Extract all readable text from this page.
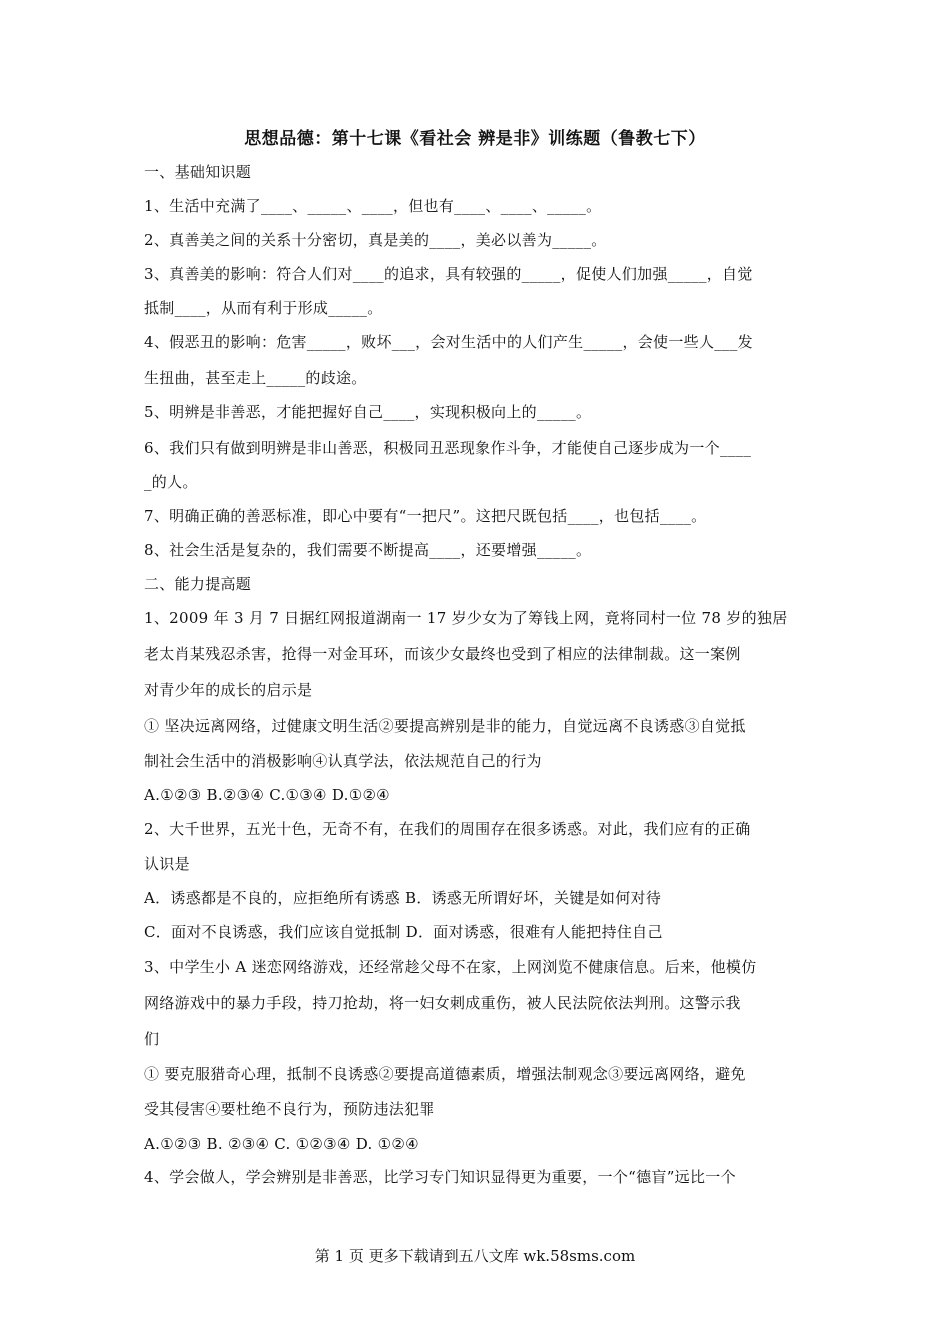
思想品德：第十七课《看社会 辨是非》训练题（鲁教七下）
一、基础知识题
1、生活中充满了____、_____、____，但也有____、____、_____。
2、真善美之间的关系十分密切，真是美的____，美必以善为_____。
3、真善美的影响：符合人们对____的追求，具有较强的_____，促使人们加强_____，自觉
抵制____，从而有利于形成_____。
4、假恶丑的影响：危害_____，败坏___，会对生活中的人们产生_____，会使一些人___发
生扭曲，甚至走上_____的歧途。
5、明辨是非善恶，才能把握好自己____，实现积极向上的_____。
6、我们只有做到明辨是非山善恶，积极同丑恶现象作斗争，才能使自己逐步成为一个____
_的人。
7、明确正确的善恶标准，即心中要有“一把尺”。这把尺既包括____，也包括____。
8、社会生活是复杂的，我们需要不断提高____，还要增强_____。
二、能力提高题
1、2009 年 3 月 7 日据红网报道湖南一 17 岁少女为了筹钱上网，竟将同村一位 78 岁的独居
老太肖某残忍杀害，抢得一对金耳环，而该少女最终也受到了相应的法律制裁。这一案例
对青少年的成长的启示是
① 坚决远离网络，过健康文明生活②要提高辨别是非的能力，自觉远离不良诱惑③自觉抵
制社会生活中的消极影响④认真学法，依法规范自己的行为
A.①②③ B.②③④ C.①③④ D.①②④
2、大千世界，五光十色，无奇不有，在我们的周围存在很多诱惑。对此，我们应有的正确
认识是
A．诱惑都是不良的，应拒绝所有诱惑 B．诱惑无所谓好坏，关键是如何对待
C．面对不良诱惑，我们应该自觉抵制 D．面对诱惑，很难有人能把持住自己
3、中学生小 A 迷恋网络游戏，还经常趁父母不在家，上网浏览不健康信息。后来，他模仿
网络游戏中的暴力手段，持刀抢劫，将一妇女刺成重伤，被人民法院依法判刑。这警示我
们
① 要克服猎奇心理，抵制不良诱惑②要提高道德素质，增强法制观念③要远离网络，避免
受其侵害④要杜绝不良行为，预防违法犯罪
A.①②③ B. ②③④ C. ①②③④ D. ①②④
4、学会做人，学会辨别是非善恶，比学习专门知识显得更为重要，一个“德盲”远比一个
第 1 页 更多下载请到五八文库 wk.58sms.com
